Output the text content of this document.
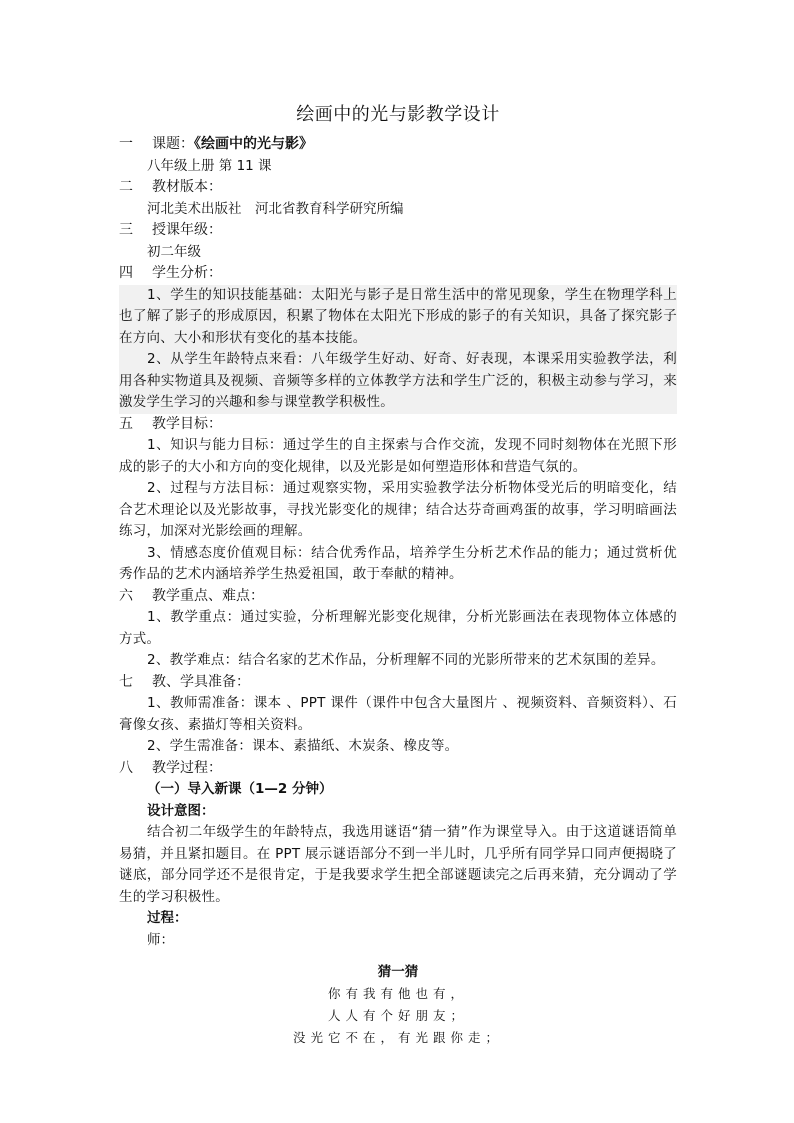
绘画中的光与影教学设计
一 课题：《绘画中的光与影》
八年级上册 第 11 课
二 教材版本：
河北美术出版社　河北省教育科学研究所编
三 授课年级：
初二年级
四 学生分析：
1、学生的知识技能基础：太阳光与影子是日常生活中的常见现象，学生在物理学科上也了解了影子的形成原因，积累了物体在太阳光下形成的影子的有关知识，具备了探究影子在方向、大小和形状有变化的基本技能。
2、从学生年龄特点来看：八年级学生好动、好奇、好表现，本课采用实验教学法，利用各种实物道具及视频、音频等多样的立体教学方法和学生广泛的，积极主动参与学习，来激发学生学习的兴趣和参与课堂教学积极性。
五 教学目标：
1、知识与能力目标：通过学生的自主探索与合作交流，发现不同时刻物体在光照下形成的影子的大小和方向的变化规律，以及光影是如何塑造形体和营造气氛的。
2、过程与方法目标：通过观察实物，采用实验教学法分析物体受光后的明暗变化，结合艺术理论以及光影故事，寻找光影变化的规律；结合达芬奇画鸡蛋的故事，学习明暗画法练习，加深对光影绘画的理解。
3、情感态度价值观目标：结合优秀作品，培养学生分析艺术作品的能力；通过赏析优秀作品的艺术内涵培养学生热爱祖国，敢于奉献的精神。
六 教学重点、难点：
1、教学重点：通过实验，分析理解光影变化规律，分析光影画法在表现物体立体感的方式。
2、教学难点：结合名家的艺术作品，分析理解不同的光影所带来的艺术氛围的差异。
七 教、学具准备：
1、教师需准备：课本 、PPT 课件（课件中包含大量图片 、视频资料、音频资料）、石膏像女孩、素描灯等相关资料。
2、学生需准备：课本、素描纸、木炭条、橡皮等。
八 教学过程：
（一）导入新课（1—2 分钟）
设计意图：
结合初二年级学生的年龄特点，我选用谜语“猜一猜”作为课堂导入。由于这道谜语简单易猜，并且紧扣题目。在 PPT 展示谜语部分不到一半儿时，几乎所有同学异口同声便揭晓了谜底，部分同学还不是很肯定，于是我要求学生把全部谜题读完之后再来猜，充分调动了学生的学习积极性。
过程：
师：
猜一猜
你有我有他也有，
人人有个好朋友；
没光它不在，有光跟你走；
